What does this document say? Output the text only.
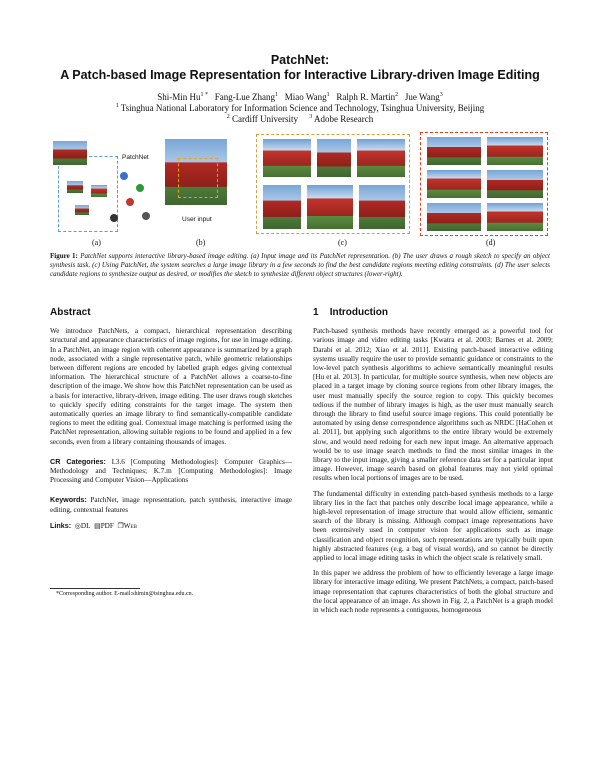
PatchNet:
A Patch-based Image Representation for Interactive Library-driven Image Editing
Shi-Min $Hu^{1 *}$ Fang-Lue Zhang$^1$ Miao Wang$^1$ Ralph R. Martin$^2$ Jue Wang$^3$
$^1$ Tsinghua National Laboratory for Information Science and Technology, Tsinghua University, Beijing
$^2$ Cardiff University $^3$ Adobe Research
PatchNet
(a)
User input
(b)	(c)	(d)
Figure 1: PatchNet supports interactive library-based image editing. (a) Input image and its PatchNet representation. (b) The user draws a rough sketch to specify an object synthesis task. (c) Using PatchNet, the system searches a large image library in a few seconds to find the best candidate regions meeting editing constraints. (d) The user selects candidate regions to synthesize output as desired, or modifies the sketch to synthesize different object structures (lower-right).
Abstract

We introduce PatchNets, a compact, hierarchical representation describing structural and appearance characteristics of image regions, for use in image editing. In a PatchNet, an image region with coherent appearance is summarized by a graph node, associated with a single representative patch, while geometric relationships between different regions are encoded by labelled graph edges giving contextual information. The hierarchical structure of a PatchNet allows a coarse-to-fine description of the image. We show how this PatchNet representation can be used as a basis for interactive, library-driven, image editing. The user draws rough sketches to quickly specify editing constraints for the target image. The system then automatically queries an image library to find semantically-compatible candidate regions to meet the editing goal. Contextual image matching is performed using the PatchNet representation, allowing suitable regions to be found and applied in a few seconds, even from a library containing thousands of images.

CR Categories: I.3.6 [Computing Methodologies]: Computer Graphics—Methodology and Techniques; K.7.m [Computing Methodologies]: Image Processing and Computer Vision—Applications

Keywords: PatchNet, image representation, patch synthesis, interactive image editing, contextual features

Links: ◎DL ▤PDF ❐Web

*Corresponding author. E-mail:shimin@tsinghua.edu.cn.
1 Introduction

Patch-based synthesis methods have recently emerged as a powerful tool for various image and video editing tasks [Kwatra et al. 2003; Barnes et al. 2009; Darabi et al. 2012; Xiao et al. 2011]. Existing patch-based interactive editing systems usually require the user to provide semantic guidance or constraints to the low-level patch synthesis algorithms to achieve semantically meaningful results [Hu et al. 2013]. In particular, for multiple source synthesis, when new objects are placed in a target image by cloning source regions from other library images, the user must manually specify the source region to copy. This quickly becomes tedious if the number of library images is high, as the user must manually search through the library to find useful source image regions. This could potentially be automated by using dense correspondence algorithms such as NRDC [HaCohen et al. 2011], but applying such algorithms to the entire library would be extremely slow, and would need redoing for each new input image. An alternative approach would be to use image search methods to find the most similar images in the library to the input image, giving a smaller reference data set for a particular input image. However, image search based on global features may not yield optimal results when local portions of images are to be used.

The fundamental difficulty in extending patch-based synthesis methods to a large library lies in the fact that patches only describe local image appearance, while a high-level representation of image structure that would allow efficient, semantic search of the library is missing. Although compact image representations have been extensively used in computer vision for applications such as image classification and object recognition, such representations are typically built upon highly abstracted features (e.g. a bag of visual words), and so cannot be directly applied to local image editing tasks in which the object scale is relatively small.

In this paper we address the problem of how to efficiently leverage a large image library for interactive image editing. We present PatchNets, a compact, patch-based image representation that captures characteristics of both the global structure and the local appearance of an image. As shown in Fig. 2, a PatchNet is a graph model in which each node represents a contiguous, homogeneous
